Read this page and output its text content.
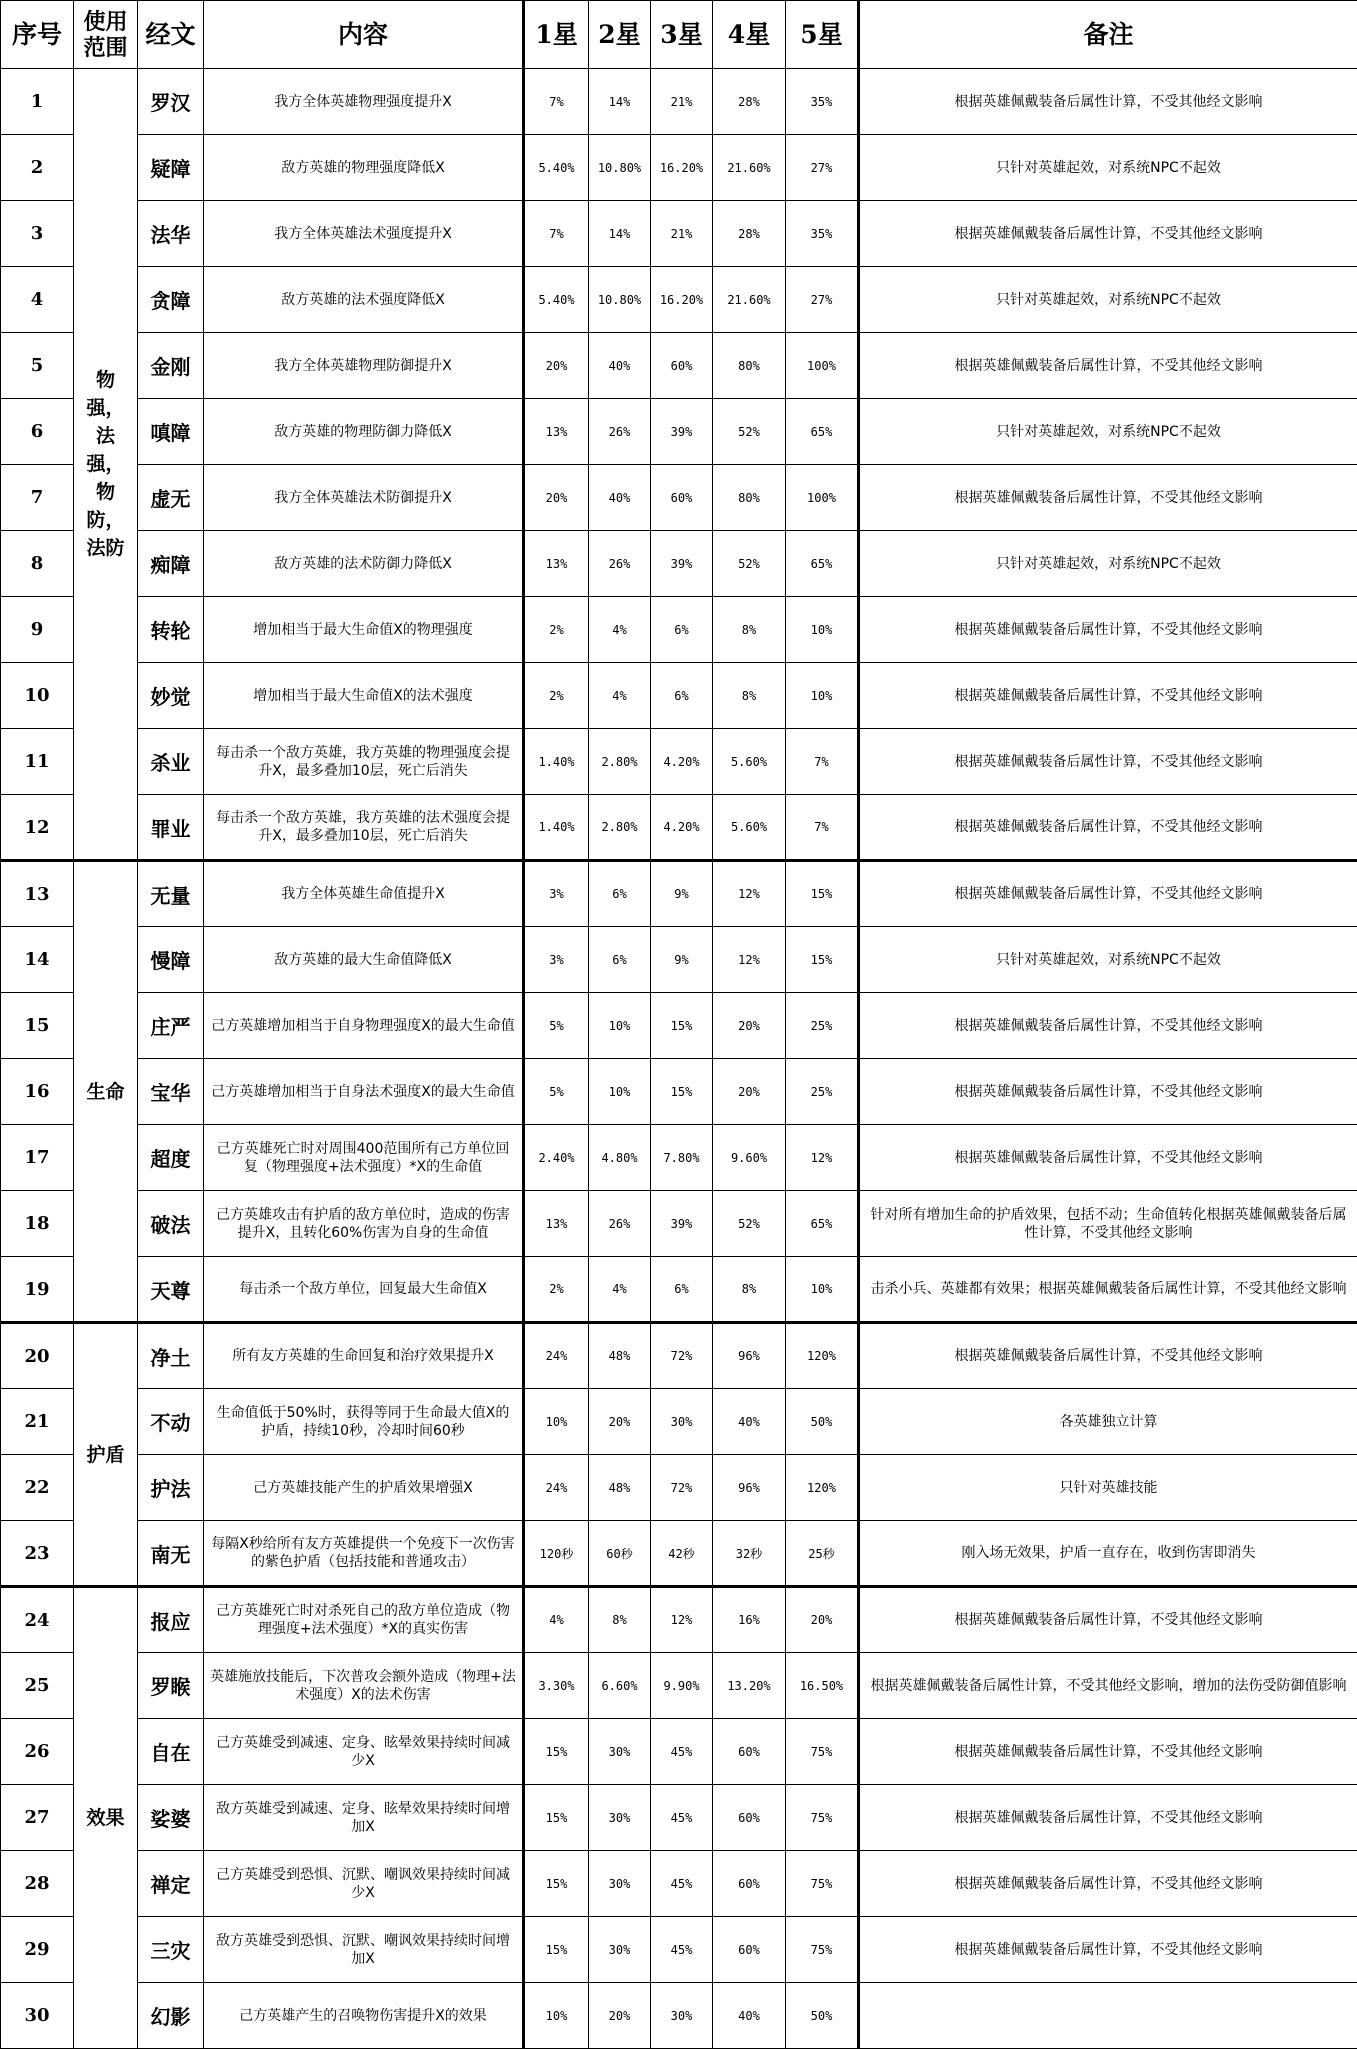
序号	使用范围	经文	内容	1星	2星	3星	4星	5星	备注
1	物强，法强，物防，法防	罗汉	我方全体英雄物理强度提升X	7%	14%	21%	28%	35%	根据英雄佩戴装备后属性计算，不受其他经文影响
2		疑障	敌方英雄的物理强度降低X	5.40%	10.80%	16.20%	21.60%	27%	只针对英雄起效，对系统NPC不起效
3		法华	我方全体英雄法术强度提升X	7%	14%	21%	28%	35%	根据英雄佩戴装备后属性计算，不受其他经文影响
4		贪障	敌方英雄的法术强度降低X	5.40%	10.80%	16.20%	21.60%	27%	只针对英雄起效，对系统NPC不起效
5		金刚	我方全体英雄物理防御提升X	20%	40%	60%	80%	100%	根据英雄佩戴装备后属性计算，不受其他经文影响
6		嗔障	敌方英雄的物理防御力降低X	13%	26%	39%	52%	65%	只针对英雄起效，对系统NPC不起效
7		虚无	我方全体英雄法术防御提升X	20%	40%	60%	80%	100%	根据英雄佩戴装备后属性计算，不受其他经文影响
8		痴障	敌方英雄的法术防御力降低X	13%	26%	39%	52%	65%	只针对英雄起效，对系统NPC不起效
9		转轮	增加相当于最大生命值X的物理强度	2%	4%	6%	8%	10%	根据英雄佩戴装备后属性计算，不受其他经文影响
10		妙觉	增加相当于最大生命值X的法术强度	2%	4%	6%	8%	10%	根据英雄佩戴装备后属性计算，不受其他经文影响
11		杀业	每击杀一个敌方英雄，我方英雄的物理强度会提升X，最多叠加10层，死亡后消失	1.40%	2.80%	4.20%	5.60%	7%	根据英雄佩戴装备后属性计算，不受其他经文影响
12		罪业	每击杀一个敌方英雄，我方英雄的法术强度会提升X，最多叠加10层，死亡后消失	1.40%	2.80%	4.20%	5.60%	7%	根据英雄佩戴装备后属性计算，不受其他经文影响
13	生命	无量	我方全体英雄生命值提升X	3%	6%	9%	12%	15%	根据英雄佩戴装备后属性计算，不受其他经文影响
14		慢障	敌方英雄的最大生命值降低X	3%	6%	9%	12%	15%	只针对英雄起效，对系统NPC不起效
15		庄严	己方英雄增加相当于自身物理强度X的最大生命值	5%	10%	15%	20%	25%	根据英雄佩戴装备后属性计算，不受其他经文影响
16		宝华	己方英雄增加相当于自身法术强度X的最大生命值	5%	10%	15%	20%	25%	根据英雄佩戴装备后属性计算，不受其他经文影响
17		超度	己方英雄死亡时对周围400范围所有己方单位回复（物理强度+法术强度）*X的生命值	2.40%	4.80%	7.80%	9.60%	12%	根据英雄佩戴装备后属性计算，不受其他经文影响
18		破法	己方英雄攻击有护盾的敌方单位时，造成的伤害提升X，且转化60%伤害为自身的生命值	13%	26%	39%	52%	65%	针对所有增加生命的护盾效果，包括不动；生命值转化根据英雄佩戴装备后属性计算，不受其他经文影响
19		天尊	每击杀一个敌方单位，回复最大生命值X	2%	4%	6%	8%	10%	击杀小兵、英雄都有效果；根据英雄佩戴装备后属性计算，不受其他经文影响
20	护盾	净土	所有友方英雄的生命回复和治疗效果提升X	24%	48%	72%	96%	120%	根据英雄佩戴装备后属性计算，不受其他经文影响
21		不动	生命值低于50%时，获得等同于生命最大值X的护盾，持续10秒，冷却时间60秒	10%	20%	30%	40%	50%	各英雄独立计算
22		护法	己方英雄技能产生的护盾效果增强X	24%	48%	72%	96%	120%	只针对英雄技能
23		南无	每隔X秒给所有友方英雄提供一个免疫下一次伤害的紫色护盾（包括技能和普通攻击）	120秒	60秒	42秒	32秒	25秒	刚入场无效果，护盾一直存在，收到伤害即消失
24	效果	报应	己方英雄死亡时对杀死自己的敌方单位造成（物理强度+法术强度）*X的真实伤害	4%	8%	12%	16%	20%	根据英雄佩戴装备后属性计算，不受其他经文影响
25		罗睺	英雄施放技能后，下次普攻会额外造成（物理+法术强度）X的法术伤害	3.30%	6.60%	9.90%	13.20%	16.50%	根据英雄佩戴装备后属性计算，不受其他经文影响，增加的法伤受防御值影响
26		自在	己方英雄受到减速、定身、眩晕效果持续时间减少X	15%	30%	45%	60%	75%	根据英雄佩戴装备后属性计算，不受其他经文影响
27		娑婆	敌方英雄受到减速、定身、眩晕效果持续时间增加X	15%	30%	45%	60%	75%	根据英雄佩戴装备后属性计算，不受其他经文影响
28		禅定	己方英雄受到恐惧、沉默、嘲讽效果持续时间减少X	15%	30%	45%	60%	75%	根据英雄佩戴装备后属性计算，不受其他经文影响
29		三灾	敌方英雄受到恐惧、沉默、嘲讽效果持续时间增加X	15%	30%	45%	60%	75%	根据英雄佩戴装备后属性计算，不受其他经文影响
30		幻影	己方英雄产生的召唤物伤害提升X的效果	10%	20%	30%	40%	50%	
